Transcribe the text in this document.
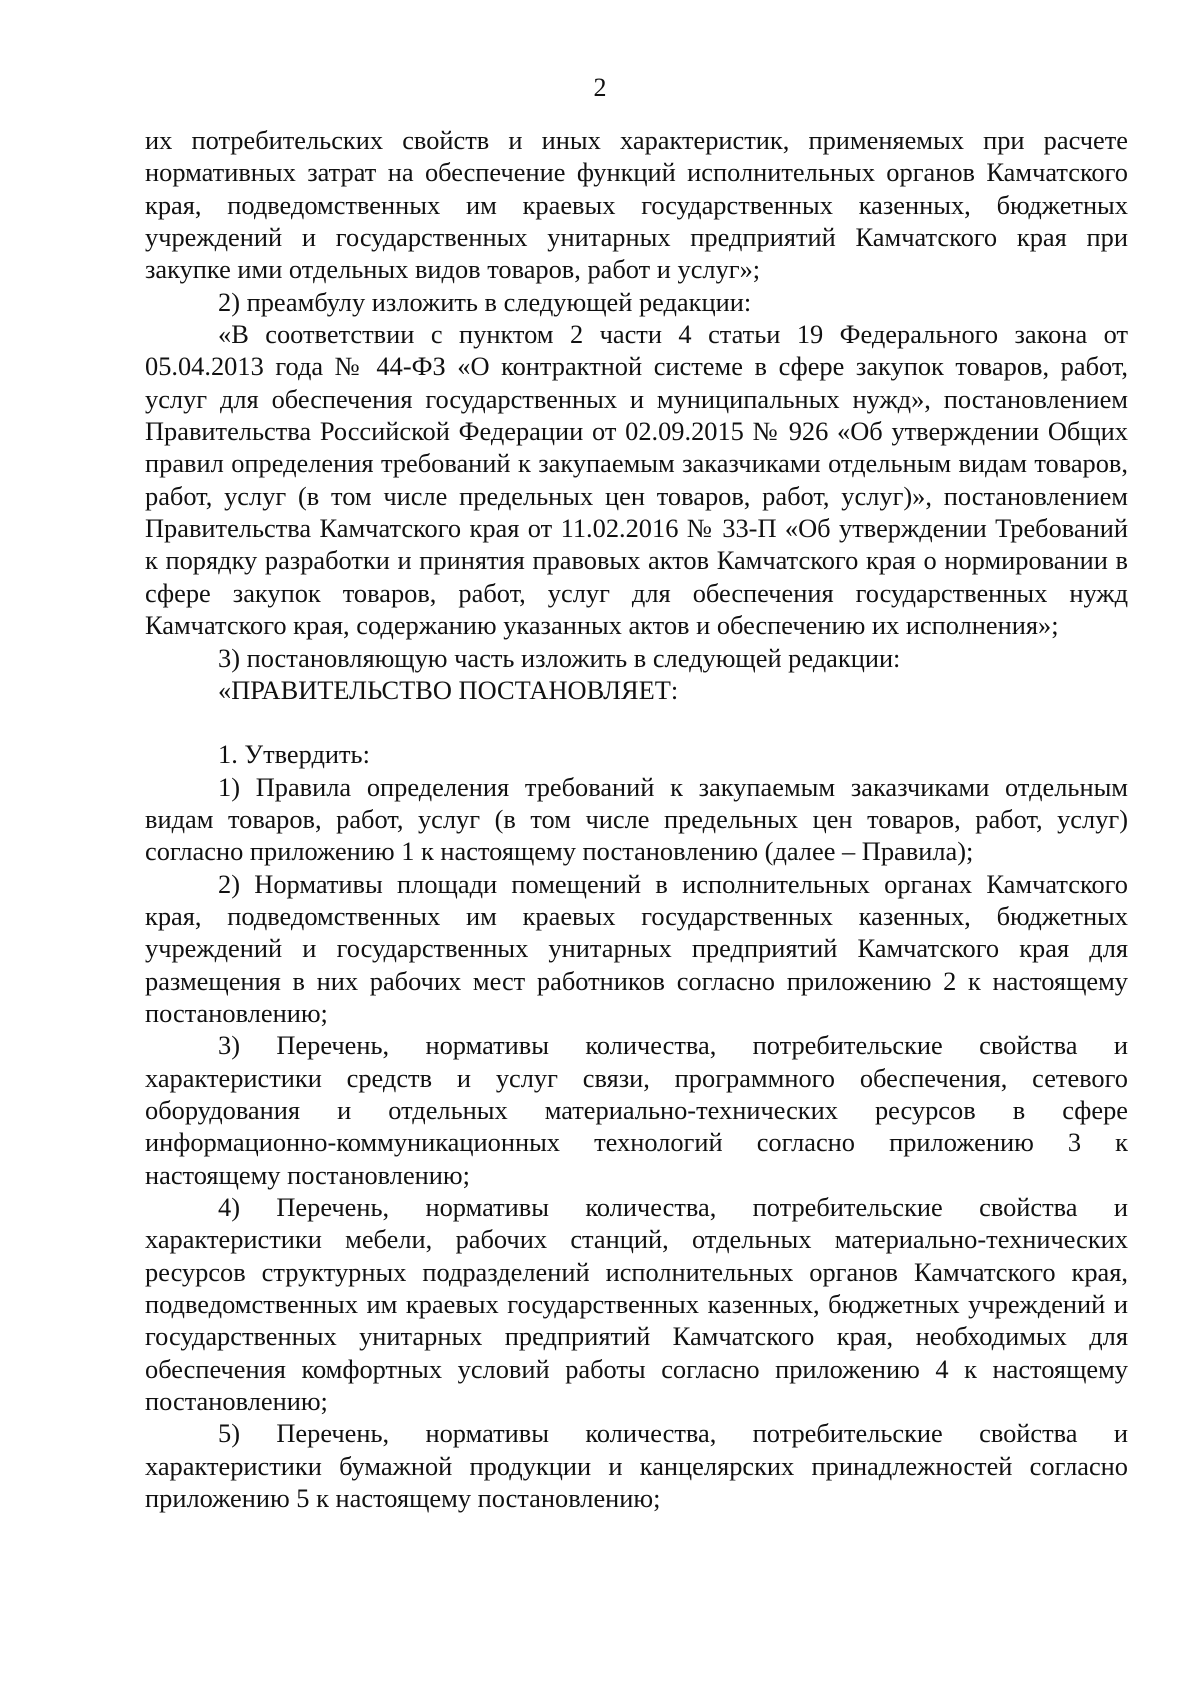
2

их потребительских свойств и иных характеристик, применяемых при расчете нормативных затрат на обеспечение функций исполнительных органов Камчатского края, подведомственных им краевых государственных казенных, бюджетных учреждений и государственных унитарных предприятий Камчатского края при закупке ими отдельных видов товаров, работ и услуг»;

2) преамбулу изложить в следующей редакции:

«В соответствии с пунктом 2 части 4 статьи 19 Федерального закона от 05.04.2013 года № 44-ФЗ «О контрактной системе в сфере закупок товаров, работ, услуг для обеспечения государственных и муниципальных нужд», постановлением Правительства Российской Федерации от 02.09.2015 № 926 «Об утверждении Общих правил определения требований к закупаемым заказчиками отдельным видам товаров, работ, услуг (в том числе предельных цен товаров, работ, услуг)», постановлением Правительства Камчатского края от 11.02.2016 № 33-П «Об утверждении Требований к порядку разработки и принятия правовых актов Камчатского края о нормировании в сфере закупок товаров, работ, услуг для обеспечения государственных нужд Камчатского края, содержанию указанных актов и обеспечению их исполнения»;

3) постановляющую часть изложить в следующей редакции:

«ПРАВИТЕЛЬСТВО ПОСТАНОВЛЯЕТ:

1. Утвердить:

1) Правила определения требований к закупаемым заказчиками отдельным видам товаров, работ, услуг (в том числе предельных цен товаров, работ, услуг) согласно приложению 1 к настоящему постановлению (далее – Правила);

2) Нормативы площади помещений в исполнительных органах Камчатского края, подведомственных им краевых государственных казенных, бюджетных учреждений и государственных унитарных предприятий Камчатского края для размещения в них рабочих мест работников согласно приложению 2 к настоящему постановлению;

3) Перечень, нормативы количества, потребительские свойства и характеристики средств и услуг связи, программного обеспечения, сетевого оборудования и отдельных материально-технических ресурсов в сфере информационно-коммуникационных технологий согласно приложению 3 к настоящему постановлению;

4) Перечень, нормативы количества, потребительские свойства и характеристики мебели, рабочих станций, отдельных материально-технических ресурсов структурных подразделений исполнительных органов Камчатского края, подведомственных им краевых государственных казенных, бюджетных учреждений и государственных унитарных предприятий Камчатского края, необходимых для обеспечения комфортных условий работы согласно приложению 4 к настоящему постановлению;

5) Перечень, нормативы количества, потребительские свойства и характеристики бумажной продукции и канцелярских принадлежностей согласно приложению 5 к настоящему постановлению;
